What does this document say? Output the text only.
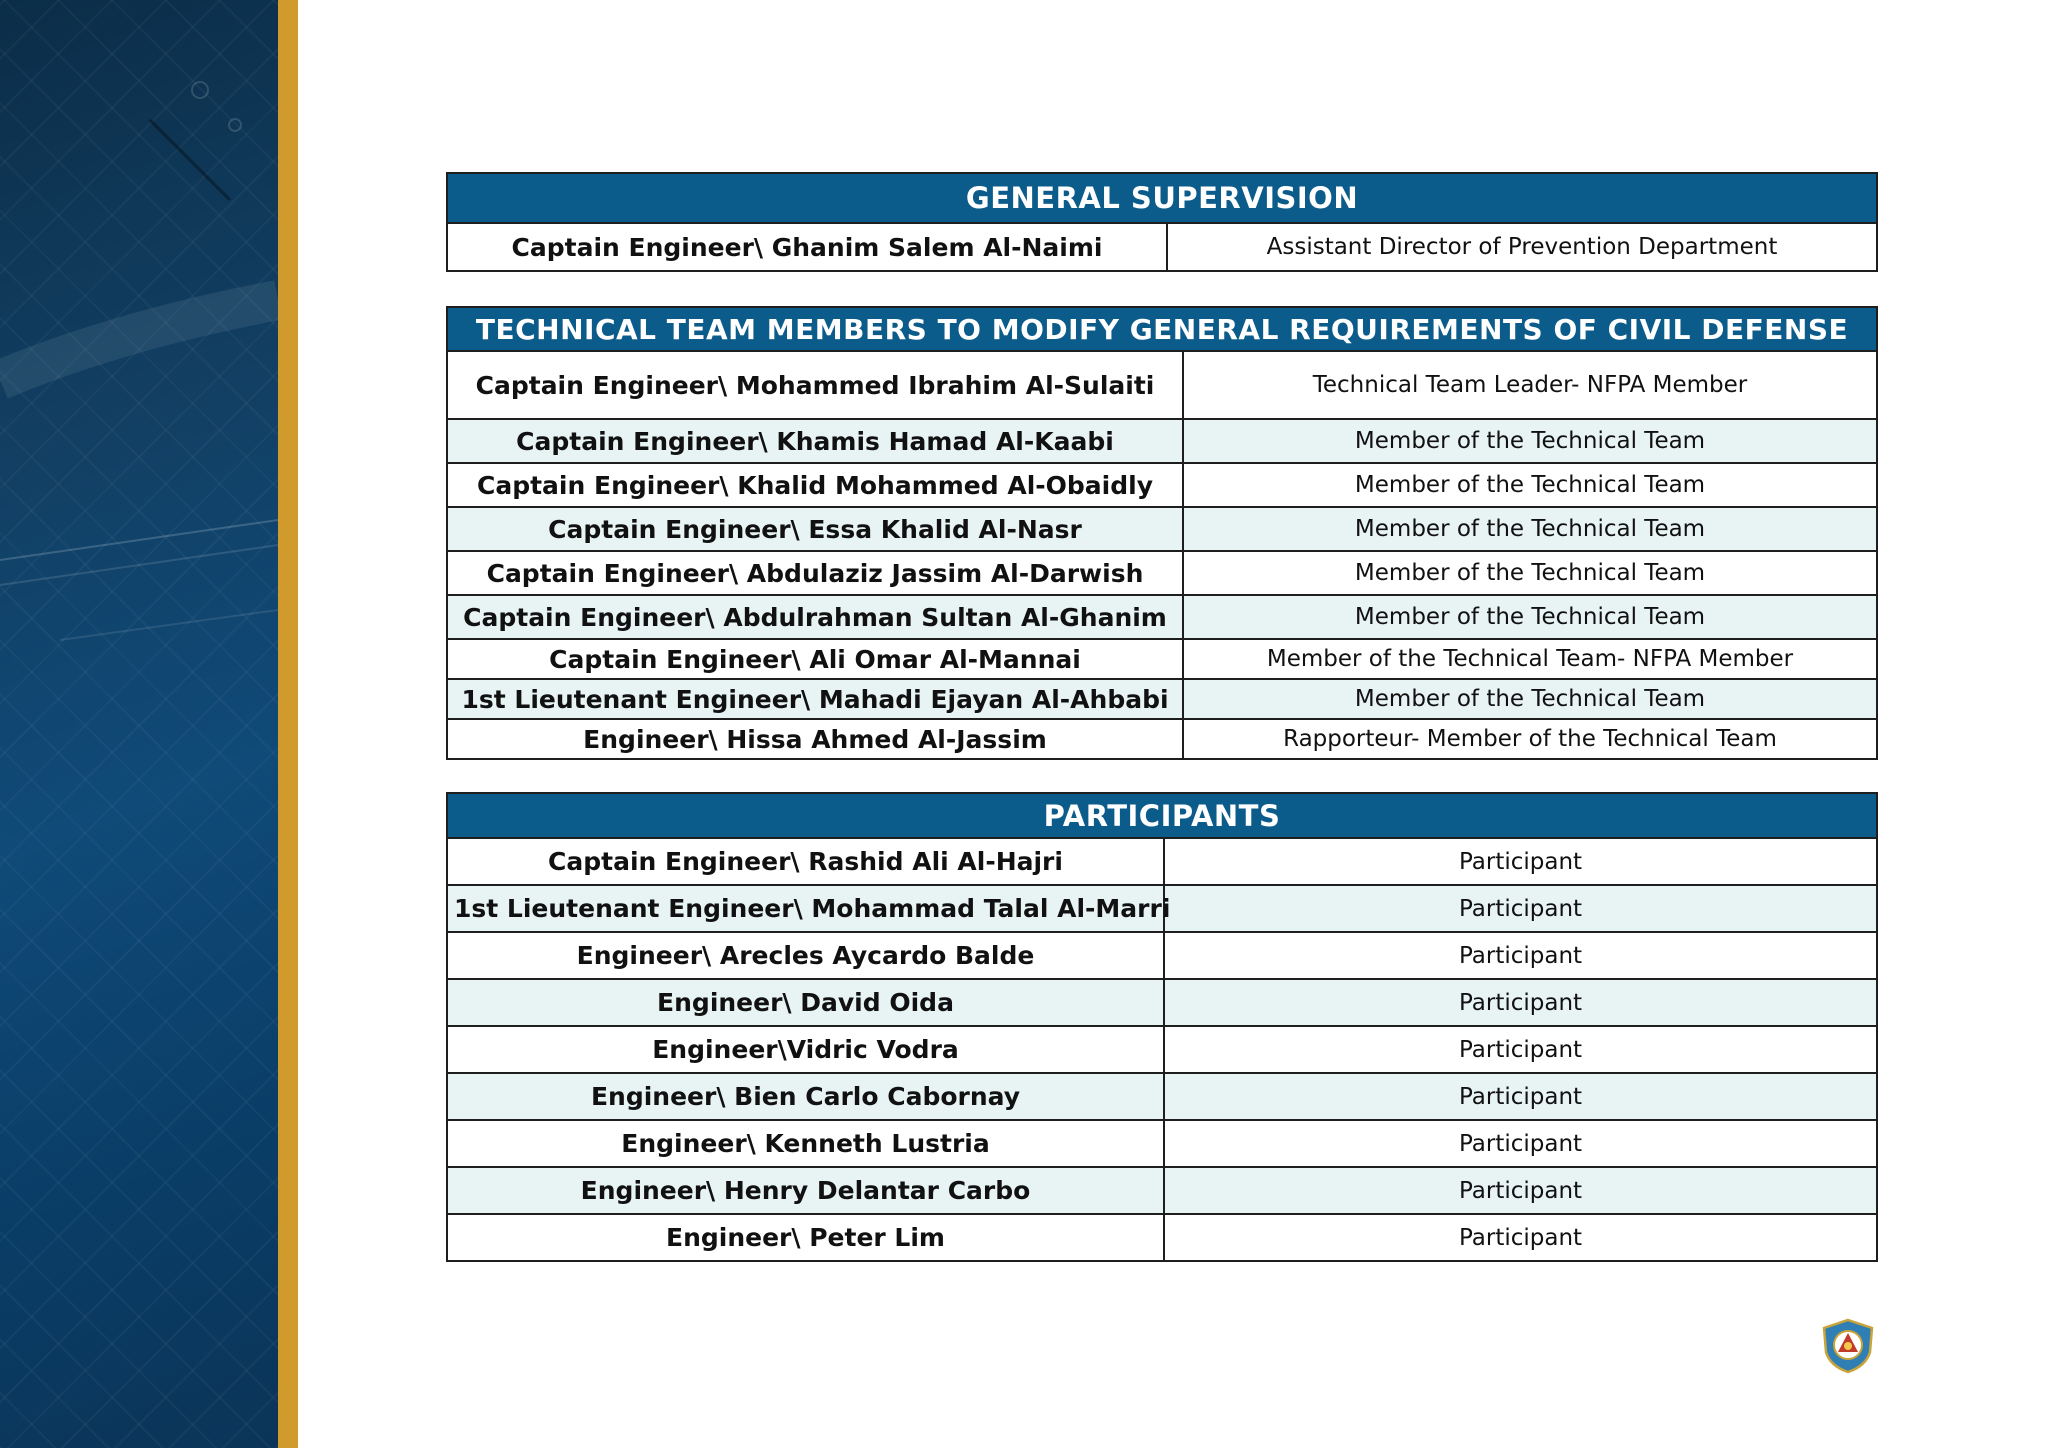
GENERAL SUPERVISION
Captain Engineer\ Ghanim Salem Al-Naimi	Assistant Director of Prevention Department
TECHNICAL TEAM MEMBERS TO MODIFY GENERAL REQUIREMENTS OF CIVIL DEFENSE	
Captain Engineer\ Mohammed Ibrahim Al-Sulaiti	Technical Team Leader- NFPA Member
Captain Engineer\ Khamis Hamad Al-Kaabi	Member of the Technical Team
Captain Engineer\ Khalid Mohammed Al-Obaidly	Member of the Technical Team
Captain Engineer\ Essa Khalid Al-Nasr	Member of the Technical Team
Captain Engineer\ Abdulaziz Jassim Al-Darwish	Member of the Technical Team
Captain Engineer\ Abdulrahman Sultan Al-Ghanim	Member of the Technical Team
Captain Engineer\ Ali Omar Al-Mannai	Member of the Technical Team- NFPA Member
1st Lieutenant Engineer\ Mahadi Ejayan Al-Ahbabi	Member of the Technical Team
Engineer\ Hissa Ahmed Al-Jassim	Rapporteur- Member of the Technical Team
PARTICIPANTS	
Captain Engineer\ Rashid Ali Al-Hajri	Participant
1st Lieutenant Engineer\ Mohammad Talal Al-Marri	Participant
Engineer\ Arecles Aycardo Balde	Participant
Engineer\ David Oida	Participant
Engineer\Vidric Vodra	Participant
Engineer\ Bien Carlo Cabornay	Participant
Engineer\ Kenneth Lustria	Participant
Engineer\ Henry Delantar Carbo	Participant
Engineer\ Peter Lim	Participant
